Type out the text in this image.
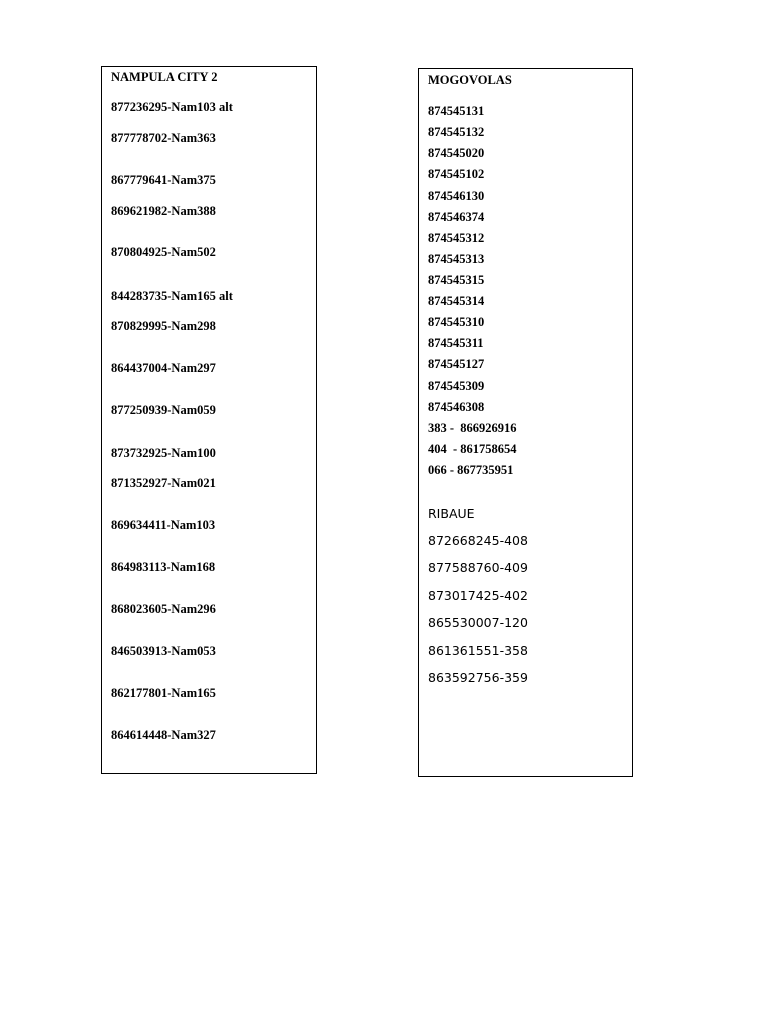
NAMPULA CITY 2
877236295-Nam103 alt
877778702-Nam363
867779641-Nam375
869621982-Nam388
870804925-Nam502
844283735-Nam165 alt
870829995-Nam298
864437004-Nam297
877250939-Nam059
873732925-Nam100
871352927-Nam021
869634411-Nam103
864983113-Nam168
868023605-Nam296
846503913-Nam053
862177801-Nam165
864614448-Nam327
MOGOVOLAS
874545131
874545132
874545020
874545102
874546130
874546374
874545312
874545313
874545315
874545314
874545310
874545311
874545127
874545309
874546308
383 -  866926916
404  - 861758654
066 - 867735951
RIBAUE
872668245-408
877588760-409
873017425-402
865530007-120
861361551-358
863592756-359
